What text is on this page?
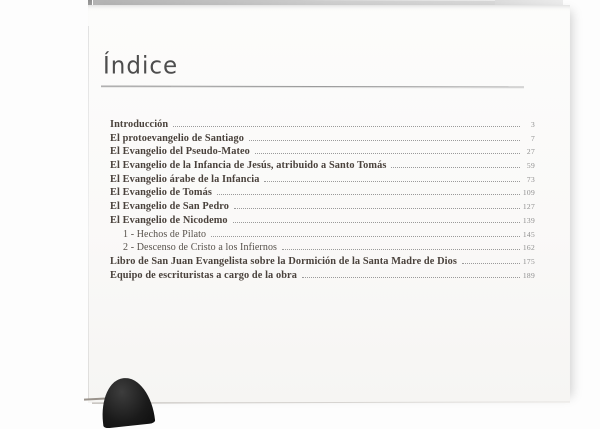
Índice
Introducción	3
El protoevangelio de Santiago	7
El Evangelio del Pseudo-Mateo	27
El Evangelio de la Infancia de Jesús, atribuido a Santo Tomás	59
El Evangelio árabe de la Infancia	73
El Evangelio de Tomás	109
El Evangelio de San Pedro	127
El Evangelio de Nicodemo	139
1 - Hechos de Pilato	145
2 - Descenso de Cristo a los Infiernos	162
Libro de San Juan Evangelista sobre la Dormición de la Santa Madre de Dios	175
Equipo de escrituristas a cargo de la obra	189
